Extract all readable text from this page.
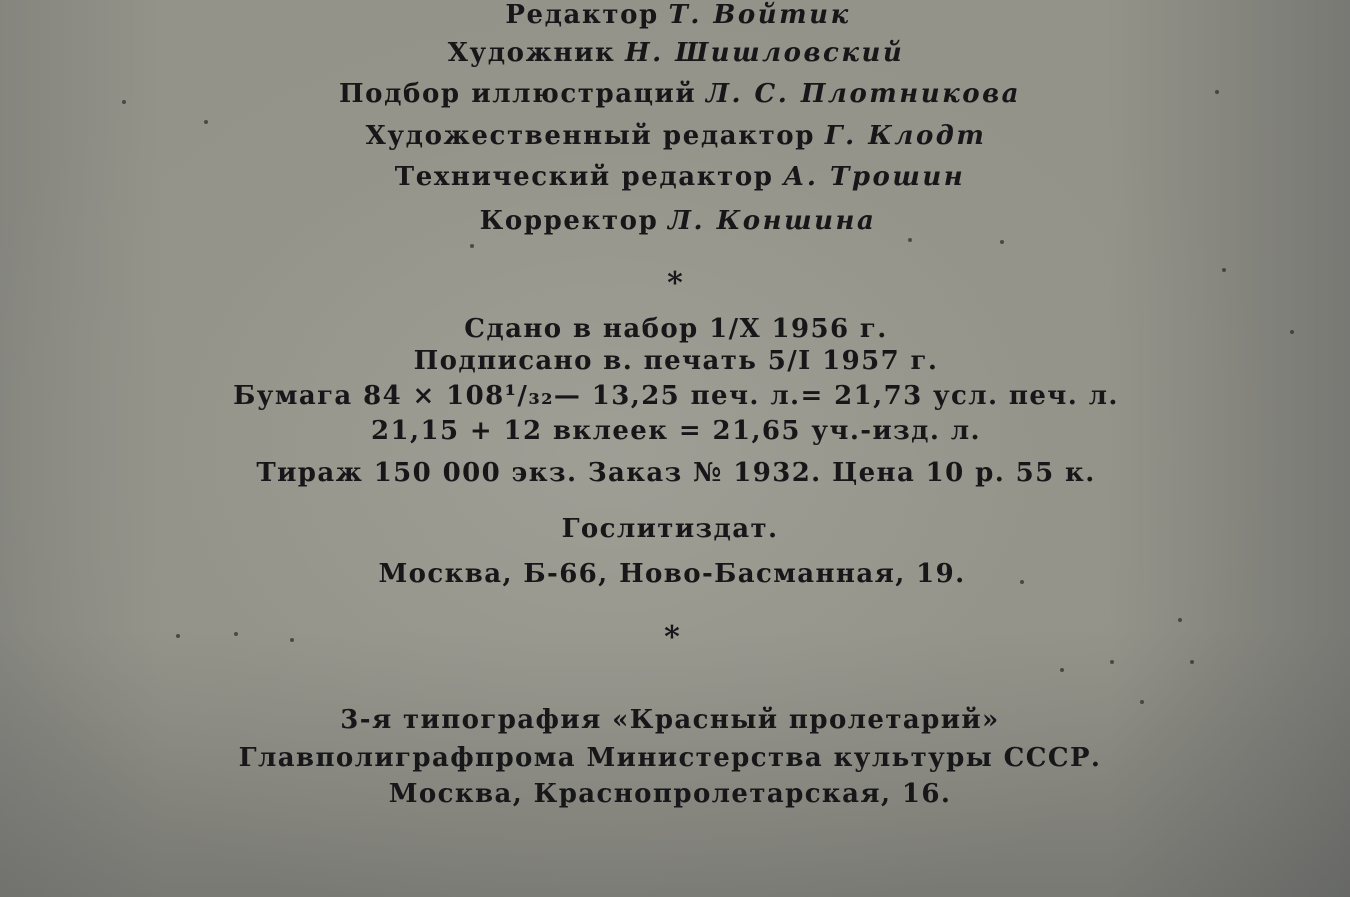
Редактор Т. Войтик
Художник Н. Шишловский
Подбор иллюстраций Л. С. Плотникова
Художественный редактор Г. Клодт
Технический редактор А. Трошин
Корректор Л. Коншина
*
Сдано в набор 1/X 1956 г.
Подписано в. печать 5/I 1957 г.
Бумага 84 × 108¹/₃₂— 13,25 печ. л.= 21,73 усл. печ. л.
21,15 + 12 вклеек = 21,65 уч.-изд. л.
Тираж 150 000 экз. Заказ № 1932. Цена 10 р. 55 к.
Гослитиздат.
Москва, Б-66, Ново-Басманная, 19.
*
3-я типография «Красный пролетарий»
Главполиграфпрома Министерства культуры СССР.
Москва, Краснопролетарская, 16.
